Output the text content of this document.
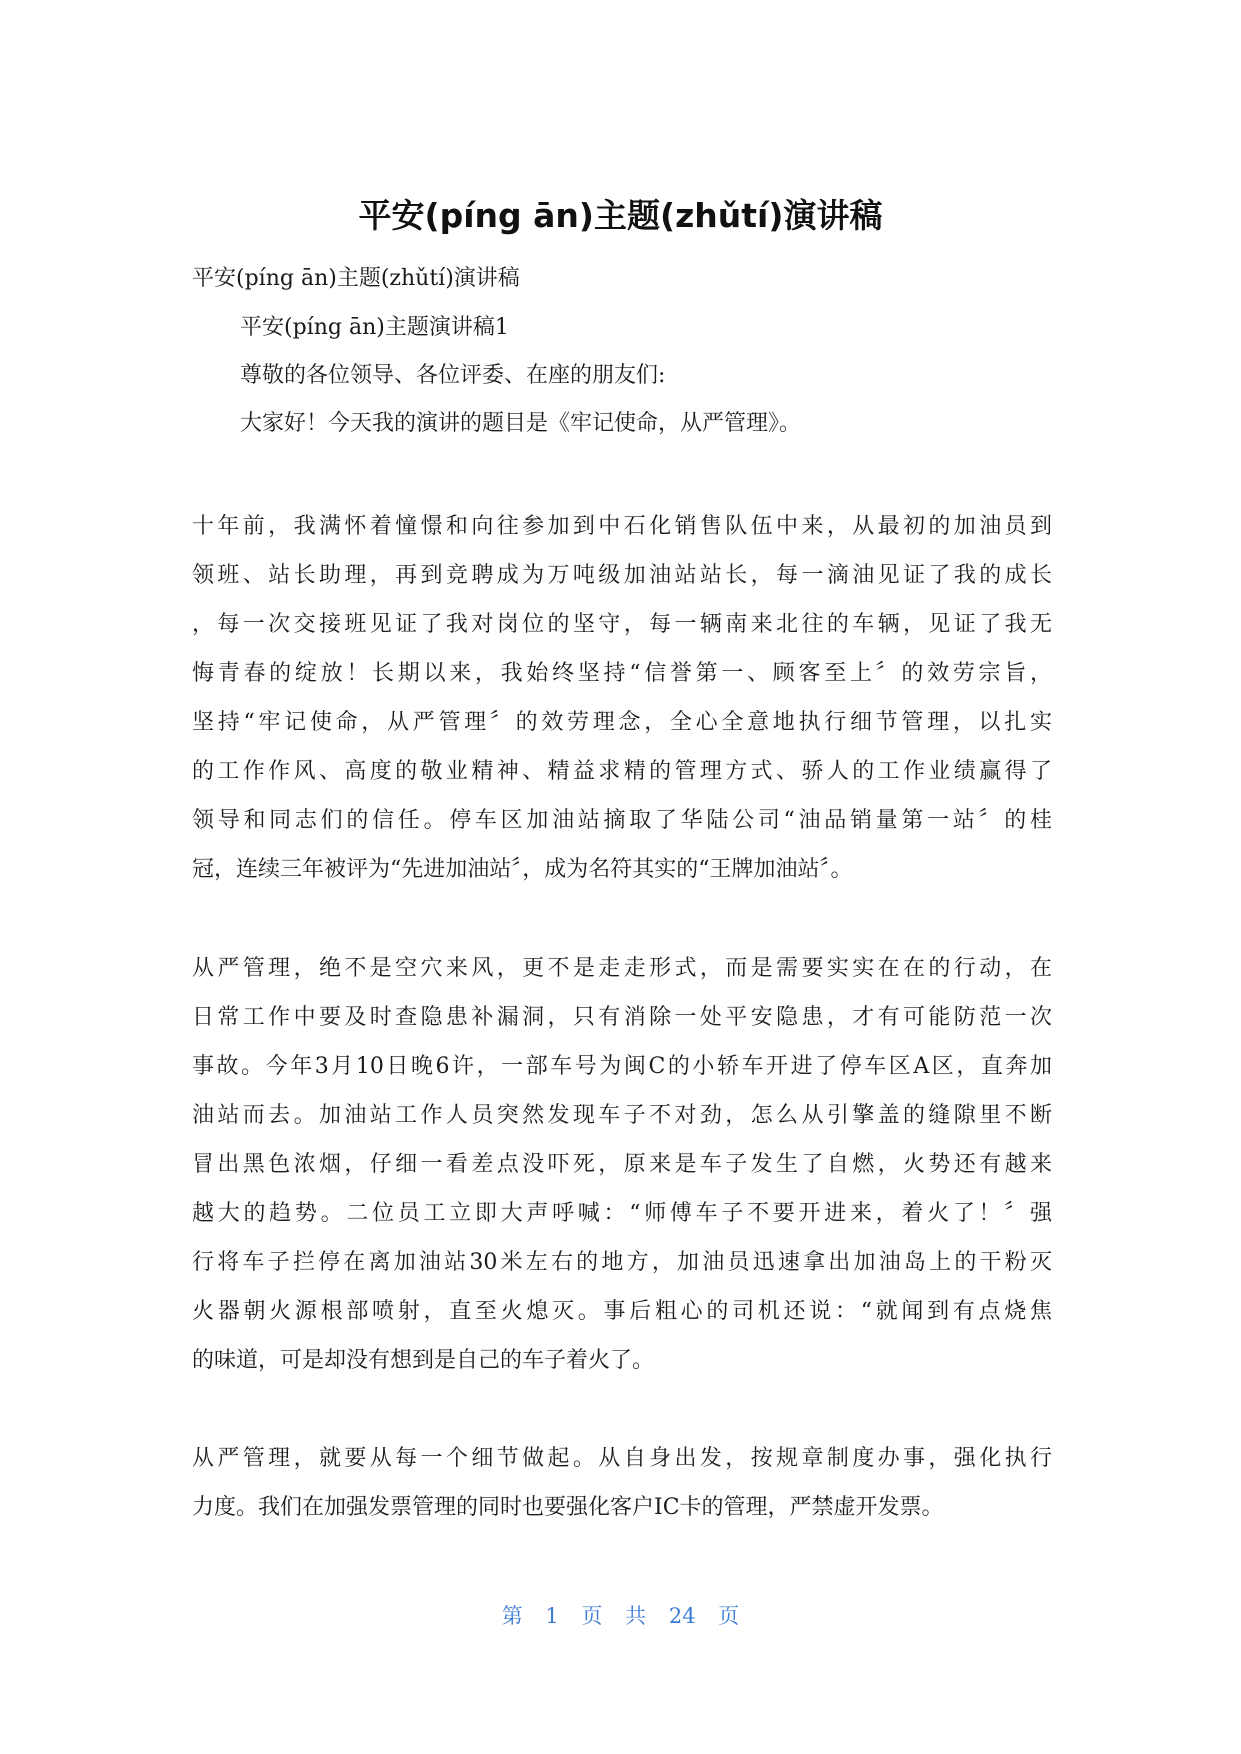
平安(píng ān)主题(zhǔtí)演讲稿

平安(píng ān)主题(zhǔtí)演讲稿

平安(píng ān)主题演讲稿1

尊敬的各位领导、各位评委、在座的朋友们:

大家好！今天我的演讲的题目是《牢记使命，从严管理》。

十年前，我满怀着憧憬和向往参加到中石化销售队伍中来，从最初的加油员到
领班、站长助理，再到竞聘成为万吨级加油站站长，每一滴油见证了我的成长
，每一次交接班见证了我对岗位的坚守，每一辆南来北往的车辆，见证了我无
悔青春的绽放！长期以来，我始终坚持“信誉第一、顾客至上〞的效劳宗旨，
坚持“牢记使命，从严管理〞的效劳理念，全心全意地执行细节管理，以扎实
的工作作风、高度的敬业精神、精益求精的管理方式、骄人的工作业绩赢得了
领导和同志们的信任。停车区加油站摘取了华陆公司“油品销量第一站〞的桂
冠，连续三年被评为“先进加油站〞，成为名符其实的“王牌加油站〞。
从严管理，绝不是空穴来风，更不是走走形式，而是需要实实在在的行动，在
日常工作中要及时查隐患补漏洞，只有消除一处平安隐患，才有可能防范一次
事故。今年3月10日晚6许，一部车号为闽C的小轿车开进了停车区A区，直奔加
油站而去。加油站工作人员突然发现车子不对劲，怎么从引擎盖的缝隙里不断
冒出黑色浓烟，仔细一看差点没吓死，原来是车子发生了自燃，火势还有越来
越大的趋势。二位员工立即大声呼喊：“师傅车子不要开进来，着火了！〞强
行将车子拦停在离加油站30米左右的地方，加油员迅速拿出加油岛上的干粉灭
火器朝火源根部喷射，直至火熄灭。事后粗心的司机还说：“就闻到有点烧焦
的味道，可是却没有想到是自己的车子着火了。
从严管理，就要从每一个细节做起。从自身出发，按规章制度办事，强化执行
力度。我们在加强发票管理的同时也要强化客户IC卡的管理，严禁虚开发票。

第 1 页 共 24 页
